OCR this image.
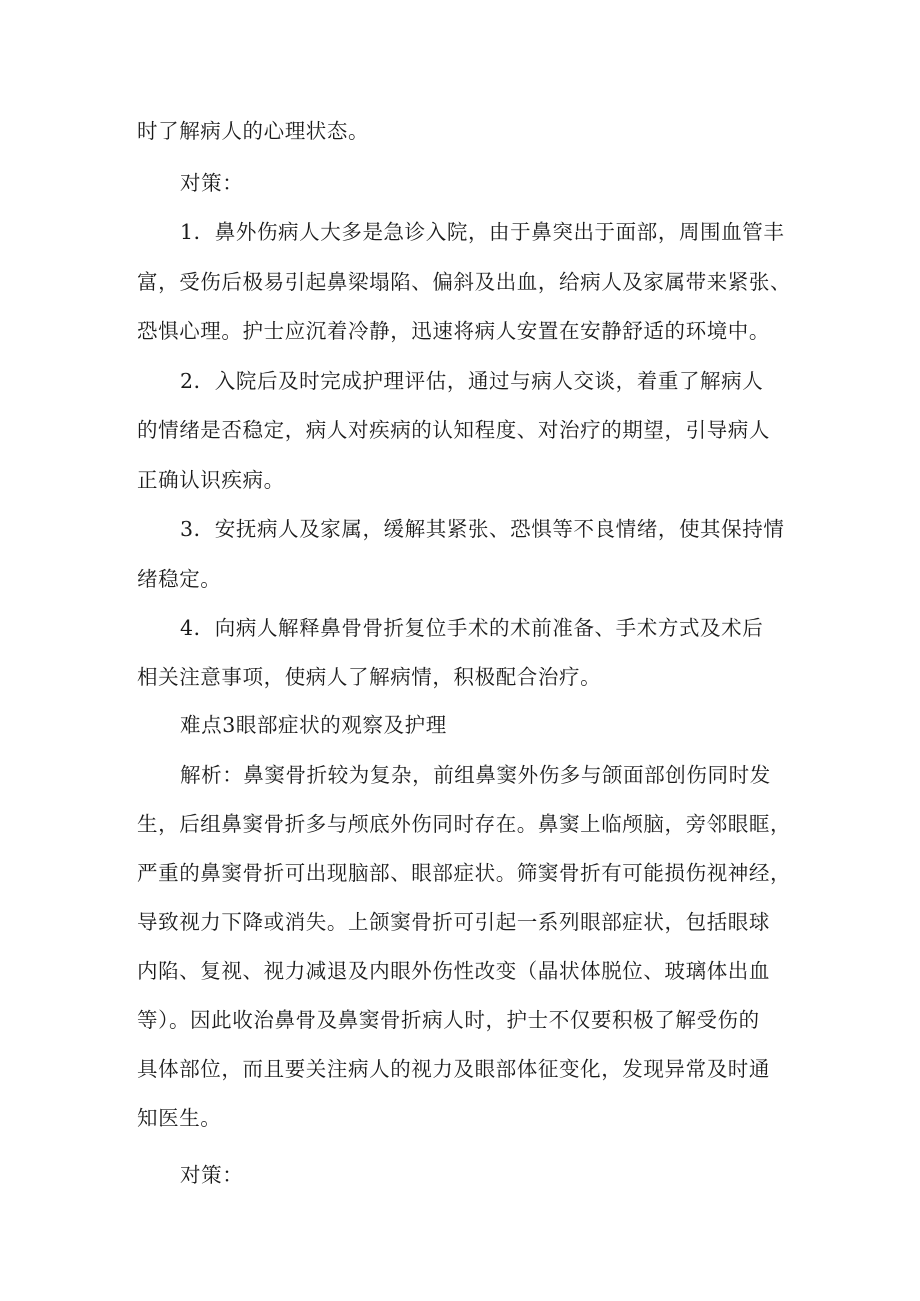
时了解病人的心理状态。
对策：
1．鼻外伤病人大多是急诊入院，由于鼻突出于面部，周围血管丰
富，受伤后极易引起鼻梁塌陷、偏斜及出血，给病人及家属带来紧张、
恐惧心理。护士应沉着冷静，迅速将病人安置在安静舒适的环境中。
2．入院后及时完成护理评估，通过与病人交谈，着重了解病人
的情绪是否稳定，病人对疾病的认知程度、对治疗的期望，引导病人
正确认识疾病。
3．安抚病人及家属，缓解其紧张、恐惧等不良情绪，使其保持情
绪稳定。
4．向病人解释鼻骨骨折复位手术的术前准备、手术方式及术后
相关注意事项，使病人了解病情，积极配合治疗。
难点3眼部症状的观察及护理
解析：鼻窦骨折较为复杂，前组鼻窦外伤多与颌面部创伤同时发
生，后组鼻窦骨折多与颅底外伤同时存在。鼻窦上临颅脑，旁邻眼眶，
严重的鼻窦骨折可出现脑部、眼部症状。筛窦骨折有可能损伤视神经，
导致视力下降或消失。上颌窦骨折可引起一系列眼部症状，包括眼球
内陷、复视、视力减退及内眼外伤性改变（晶状体脱位、玻璃体出血
等）。因此收治鼻骨及鼻窦骨折病人时，护士不仅要积极了解受伤的
具体部位，而且要关注病人的视力及眼部体征变化，发现异常及时通
知医生。
对策：
